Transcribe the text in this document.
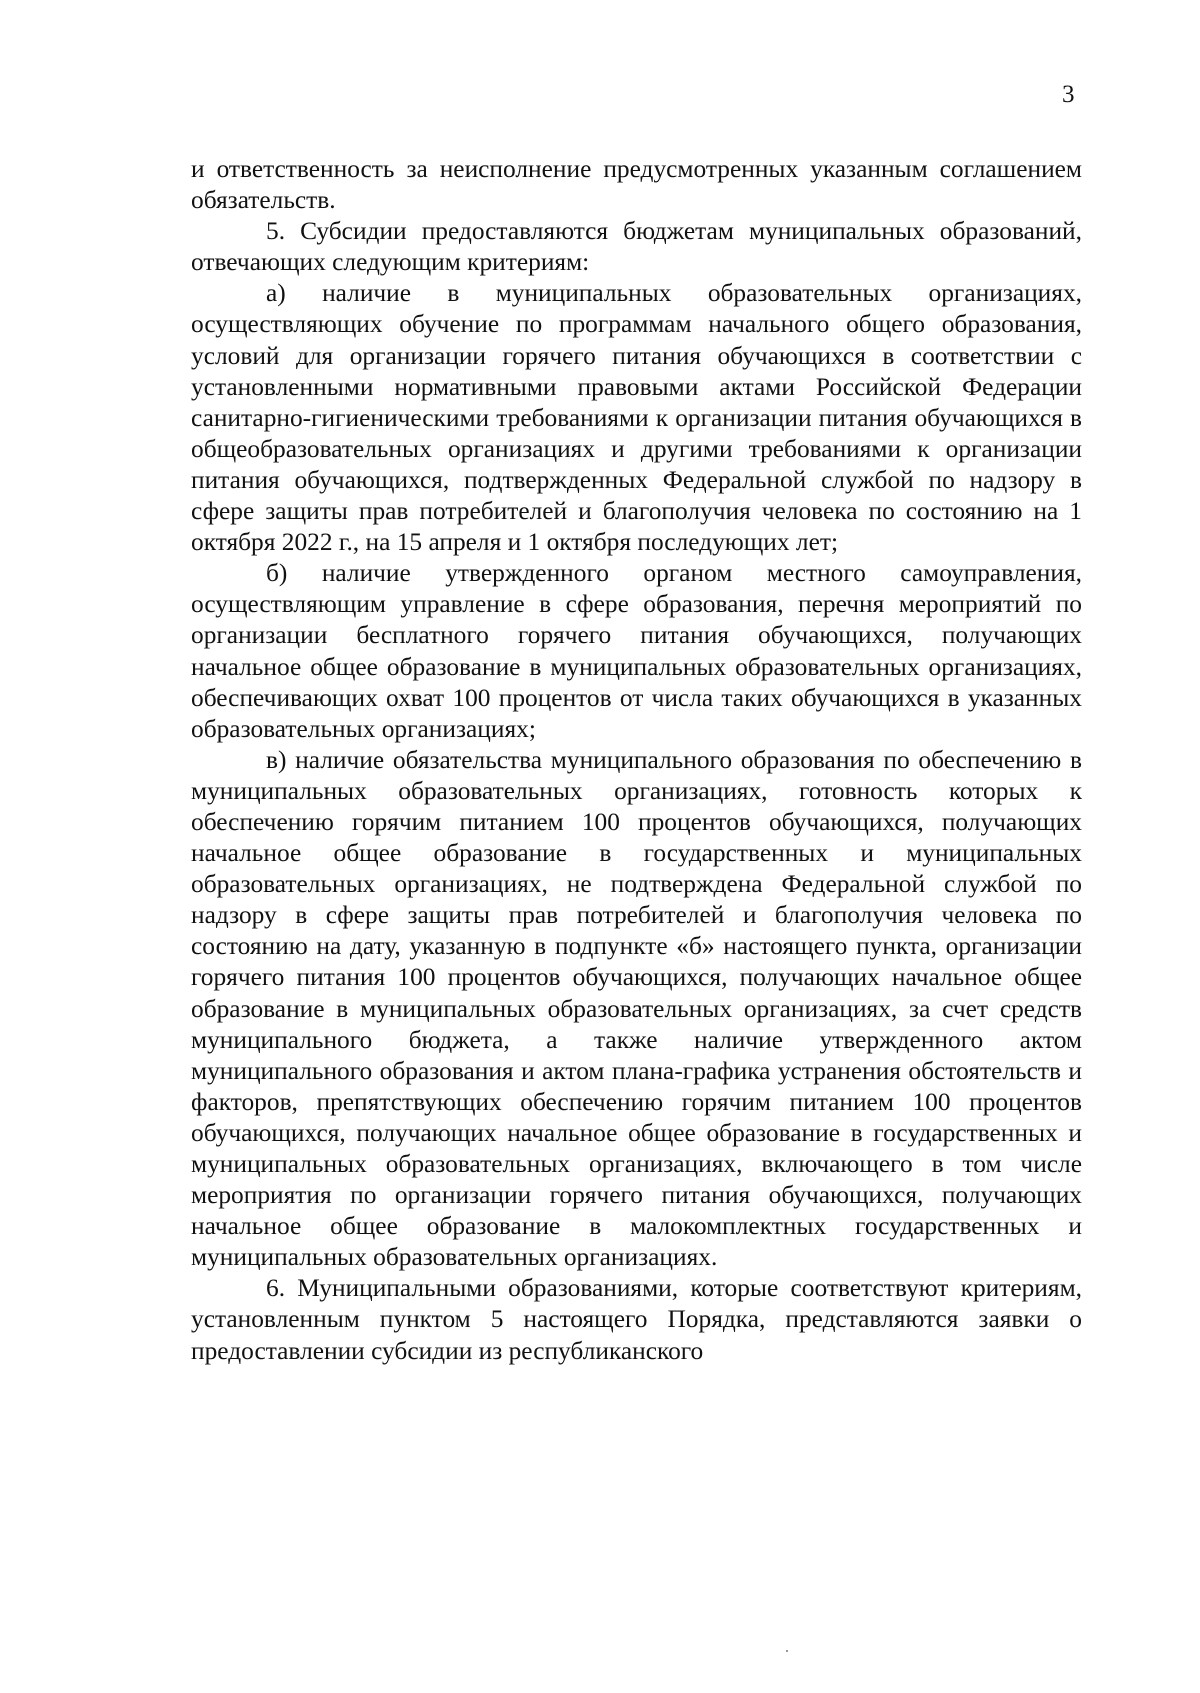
3

и ответственность за неисполнение предусмотренных указанным соглашением обязательств.

5. Субсидии предоставляются бюджетам муниципальных образований, отвечающих следующим критериям:

а) наличие в муниципальных образовательных организациях, осуществляющих обучение по программам начального общего образования, условий для организации горячего питания обучающихся в соответствии с установленными нормативными правовыми актами Российской Федерации санитарно-гигиеническими требованиями к организации питания обучающихся в общеобразовательных организациях и другими требованиями к организации питания обучающихся, подтвержденных Федеральной службой по надзору в сфере защиты прав потребителей и благополучия человека по состоянию на 1 октября 2022 г., на 15 апреля и 1 октября последующих лет;

б) наличие утвержденного органом местного самоуправления, осуществляющим управление в сфере образования, перечня мероприятий по организации бесплатного горячего питания обучающихся, получающих начальное общее образование в муниципальных образовательных организациях, обеспечивающих охват 100 процентов от числа таких обучающихся в указанных образовательных организациях;

в) наличие обязательства муниципального образования по обеспечению в муниципальных образовательных организациях, готовность которых к обеспечению горячим питанием 100 процентов обучающихся, получающих начальное общее образование в государственных и муниципальных образовательных организациях, не подтверждена Федеральной службой по надзору в сфере защиты прав потребителей и благополучия человека по состоянию на дату, указанную в подпункте «б» настоящего пункта, организации горячего питания 100 процентов обучающихся, получающих начальное общее образование в муниципальных образовательных организациях, за счет средств муниципального бюджета, а также наличие утвержденного актом муниципального образования и актом плана-графика устранения обстоятельств и факторов, препятствующих обеспечению горячим питанием 100 процентов обучающихся, получающих начальное общее образование в государственных и муниципальных образовательных организациях, включающего в том числе мероприятия по организации горячего питания обучающихся, получающих начальное общее образование в малокомплектных государственных и муниципальных образовательных организациях.

6. Муниципальными образованиями, которые соответствуют критериям, установленным пунктом 5 настоящего Порядка, представляются заявки о предоставлении субсидии из республиканского
